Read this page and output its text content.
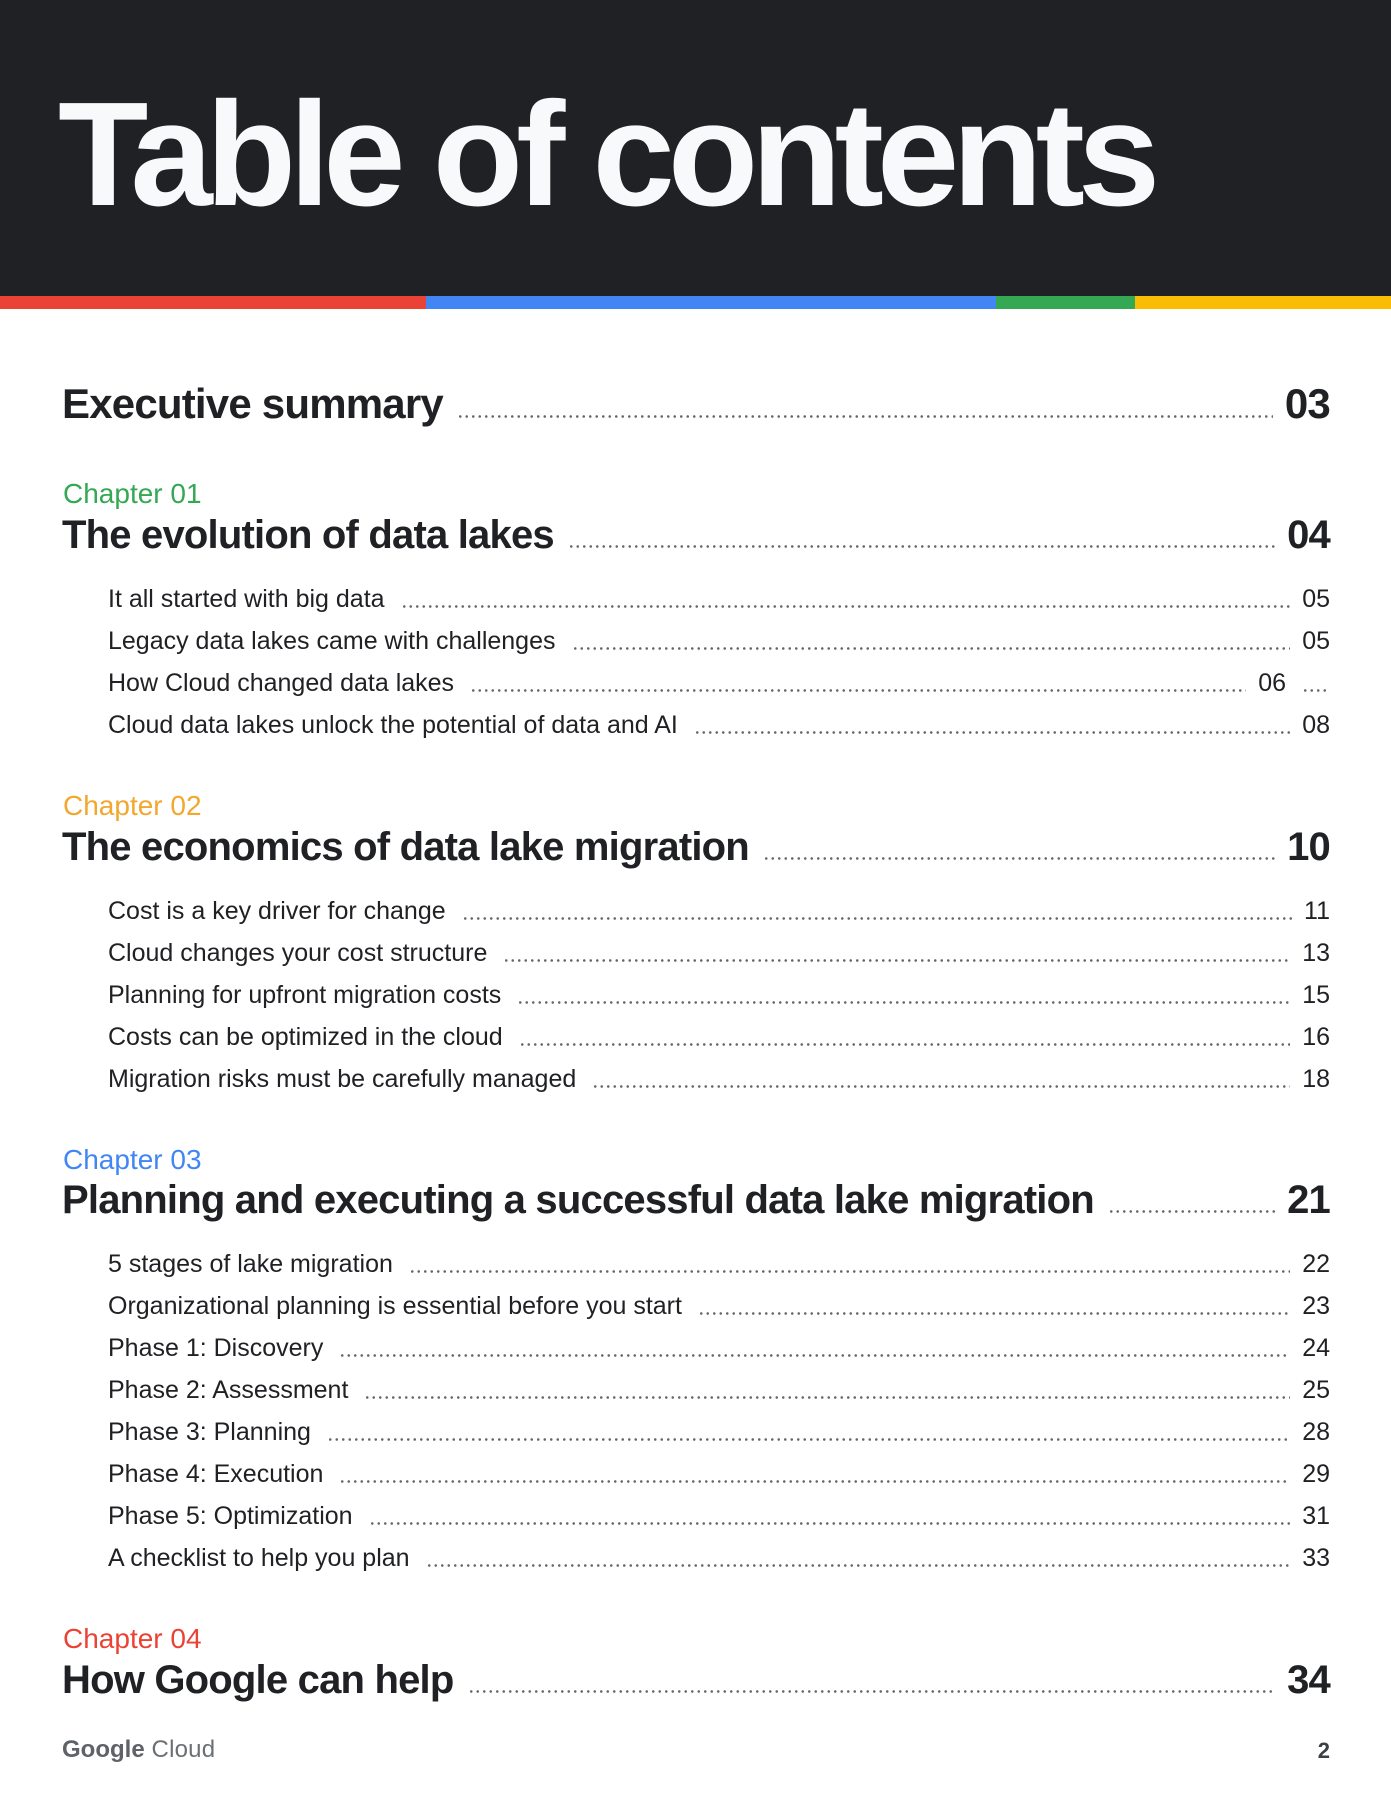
Table of contents
Executive summary	03
Chapter 01
The evolution of data lakes	04
It all started with big data	05
Legacy data lakes came with challenges	05
How Cloud changed data lakes	06
Cloud data lakes unlock the potential of data and AI	08
Chapter 02
The economics of data lake migration	10
Cost is a key driver for change	11
Cloud changes your cost structure	13
Planning for upfront migration costs	15
Costs can be optimized in the cloud	16
Migration risks must be carefully managed	18
Chapter 03
Planning and executing a successful data lake migration	21
5 stages of lake migration	22
Organizational planning is essential before you start	23
Phase 1: Discovery	24
Phase 2: Assessment	25
Phase 3: Planning	28
Phase 4: Execution	29
Phase 5: Optimization	31
A checklist to help you plan	33
Chapter 04
How Google can help	34
Google Cloud	2
